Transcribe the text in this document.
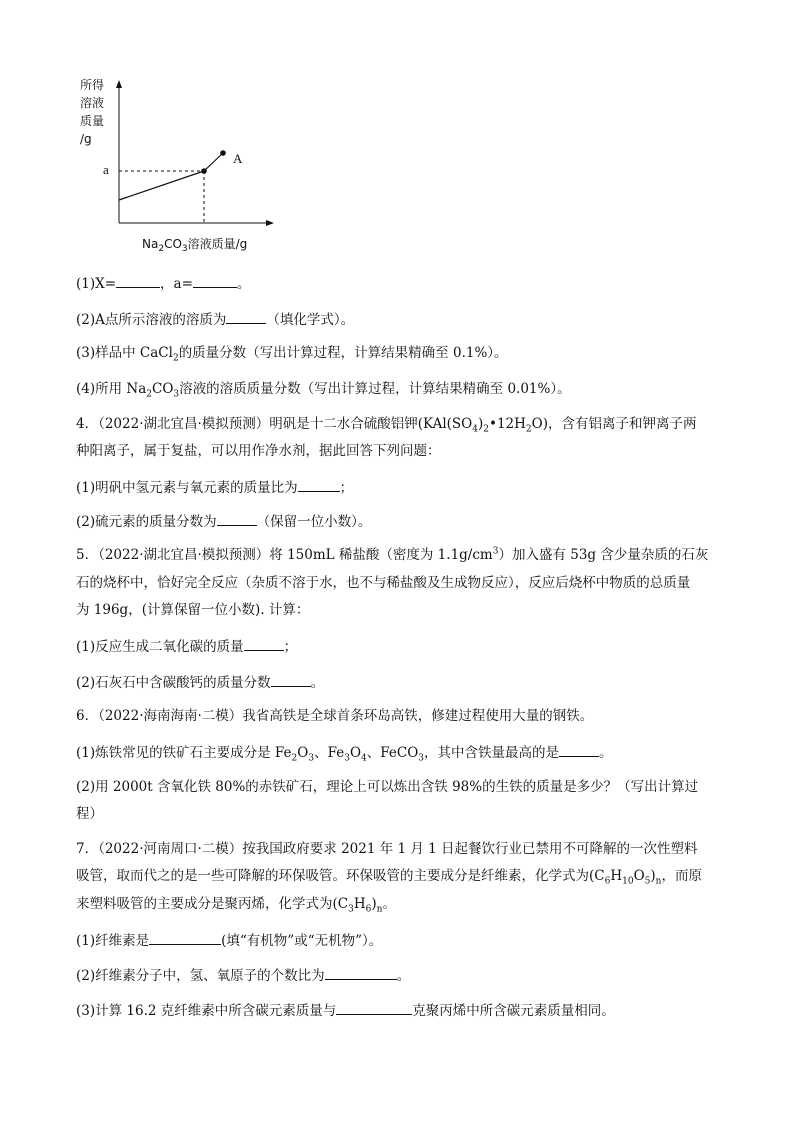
所得
溶液
质量
/g
a
A
$Na_2CO_3$溶液质量/g
(1)X=	，a=	。
(2)A点所示溶液的溶质为	（填化学式）。
(3)样品中 CaCl$_2$的质量分数（写出计算过程，计算结果精确至 0.1%）。
(4)所用 $Na_2CO_3$溶液的溶质质量分数（写出计算过程，计算结果精确至 0.01%）。
4．（2022·湖北宜昌·模拟预测）明矾是十二水合硫酸铝钾$(KAl(SO_4)_2•12H_2O)$，含有铝离子和钾离子两
种阳离子，属于复盐，可以用作净水剂，据此回答下列问题：
(1)明矾中氢元素与氧元素的质量比为	；
(2)硫元素的质量分数为	（保留一位小数）。
5．（2022·湖北宜昌·模拟预测）将 150mL 稀盐酸（密度为 $1.1g/cm^3$）加入盛有 53g 含少量杂质的石灰
石的烧杯中，恰好完全反应（杂质不溶于水，也不与稀盐酸及生成物反应），反应后烧杯中物质的总质量
为 196g，(计算保留一位小数). 计算：
(1)反应生成二氧化碳的质量	；
(2)石灰石中含碳酸钙的质量分数	。
6．（2022·海南海南·二模）我省高铁是全球首条环岛高铁，修建过程使用大量的钢铁。
(1)炼铁常见的铁矿石主要成分是 $Fe_2O_3$、$Fe_3O_4$、FeCO$_3$，其中含铁量最高的是	。
(2)用 2000t 含氧化铁 80%的赤铁矿石，理论上可以炼出含铁 98%的生铁的质量是多少？（写出计算过
程）
7．（2022·河南周口·二模）按我国政府要求 2021 年 1 月 1 日起餐饮行业已禁用不可降解的一次性塑料
吸管，取而代之的是一些可降解的环保吸管。环保吸管的主要成分是纤维素，化学式为$(C_6H_{10}O_5)_n$，而原
来塑料吸管的主要成分是聚丙烯，化学式为$(C_3H_6)_n$。
(1)纤维素是	(填“有机物”或“无机物”）。
(2)纤维素分子中，氢、氧原子的个数比为	。
(3)计算 16.2 克纤维素中所含碳元素质量与	克聚丙烯中所含碳元素质量相同。
